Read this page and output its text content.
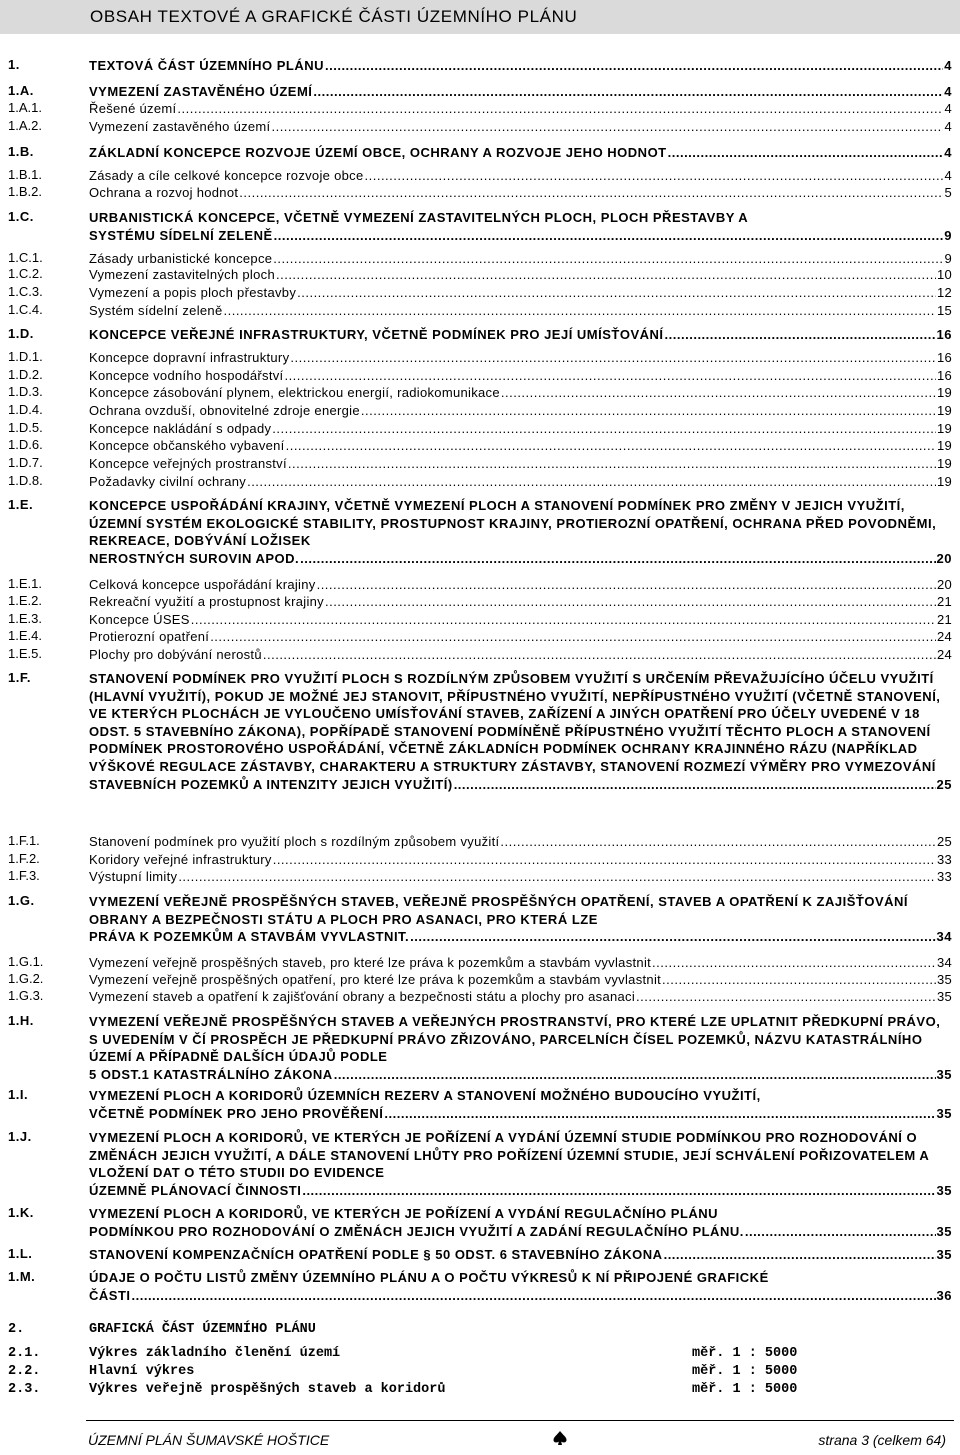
OBSAH TEXTOVÉ A GRAFICKÉ ČÁSTI ÚZEMNÍHO PLÁNU
1.	TEXTOVÁ ČÁST ÚZEMNÍHO PLÁNU .....	4
1.A.	VYMEZENÍ ZASTAVĚNÉHO ÚZEMÍ .....	4
1.A.1.	Řešené území .....	4
1.A.2.	Vymezení zastavěného území .....	4
1.B.	ZÁKLADNÍ KONCEPCE ROZVOJE ÚZEMÍ OBCE, OCHRANY A ROZVOJE JEHO HODNOT .....	4
1.B.1.	Zásady a cíle celkové koncepce rozvoje obce .....	4
1.B.2.	Ochrana a rozvoj hodnot .....	5
1.C.	URBANISTICKÁ KONCEPCE, VČETNĚ VYMEZENÍ ZASTAVITELNÝCH PLOCH, PLOCH PŘESTAVBY A
SYSTÉMU SÍDELNÍ ZELENĚ .....	9
1.C.1.	Zásady urbanistické koncepce .....	9
1.C.2.	Vymezení zastavitelných ploch .....	10
1.C.3.	Vymezení a popis ploch přestavby .....	12
1.C.4.	Systém sídelní zeleně .....	15
1.D.	KONCEPCE VEŘEJNÉ INFRASTRUKTURY, VČETNĚ PODMÍNEK PRO JEJÍ UMÍSŤOVÁNÍ .....	16
1.D.1.	Koncepce dopravní infrastruktury .....	16
1.D.2.	Koncepce vodního hospodářství .....	16
1.D.3.	Koncepce zásobování plynem, elektrickou energií, radiokomunikace .....	19
1.D.4.	Ochrana ovzduší, obnovitelné zdroje energie .....	19
1.D.5.	Koncepce nakládání s odpady .....	19
1.D.6.	Koncepce občanského vybavení .....	19
1.D.7.	Koncepce veřejných prostranství .....	19
1.D.8.	Požadavky civilní ochrany .....	19
1.E.	KONCEPCE USPOŘÁDÁNÍ KRAJINY, VČETNĚ VYMEZENÍ PLOCH A STANOVENÍ PODMÍNEK PRO ZMĚNY V JEJICH VYUŽITÍ, ÚZEMNÍ SYSTÉM EKOLOGICKÉ STABILITY, PROSTUPNOST KRAJINY, PROTIEROZNÍ OPATŘENÍ, OCHRANA PŘED POVODNĚMI, REKREACE, DOBÝVÁNÍ LOŽISEK
NEROSTNÝCH SUROVIN APOD. .....	20
1.E.1.	Celková koncepce uspořádání krajiny .....	20
1.E.2.	Rekreační využití a prostupnost krajiny .....	21
1.E.3.	Koncepce ÚSES .....	21
1.E.4.	Protierozní opatření .....	24
1.E.5.	Plochy pro dobývání nerostů .....	24
1.F.	STANOVENÍ PODMÍNEK PRO VYUŽITÍ PLOCH S ROZDÍLNÝM ZPŮSOBEM VYUŽITÍ S URČENÍM PŘEVAŽUJÍCÍHO ÚČELU VYUŽITÍ (HLAVNÍ VYUŽITÍ), POKUD JE MOŽNÉ JEJ STANOVIT, PŘÍPUSTNÉHO VYUŽITÍ, NEPŘÍPUSTNÉHO VYUŽITÍ (VČETNĚ STANOVENÍ, VE KTERÝCH PLOCHÁCH JE VYLOUČENO UMÍSŤOVÁNÍ STAVEB, ZAŘÍZENÍ A JINÝCH OPATŘENÍ PRO ÚČELY UVEDENÉ V 18 ODST. 5 STAVEBNÍHO ZÁKONA), POPŘÍPADĚ STANOVENÍ PODMÍNĚNĚ PŘÍPUSTNÉHO VYUŽITÍ TĚCHTO PLOCH A STANOVENÍ PODMÍNEK PROSTOROVÉHO USPOŘÁDÁNÍ, VČETNĚ ZÁKLADNÍCH PODMÍNEK OCHRANY KRAJINNÉHO RÁZU (NAPŘÍKLAD VÝŠKOVÉ REGULACE ZÁSTAVBY, CHARAKTERU A STRUKTURY ZÁSTAVBY, STANOVENÍ ROZMEZÍ VÝMĚRY PRO VYMEZOVÁNÍ
STAVEBNÍCH POZEMKŮ A INTENZITY JEJICH VYUŽITÍ) .....	25
1.F.1.	Stanovení podmínek pro využití ploch s rozdílným způsobem využití .....	25
1.F.2.	Koridory veřejné infrastruktury .....	33
1.F.3.	Výstupní limity .....	33
1.G.	VYMEZENÍ VEŘEJNĚ PROSPĚŠNÝCH STAVEB, VEŘEJNĚ PROSPĚŠNÝCH OPATŘENÍ, STAVEB A OPATŘENÍ K ZAJIŠŤOVÁNÍ OBRANY A BEZPEČNOSTI STÁTU A PLOCH PRO ASANACI, PRO KTERÁ LZE
PRÁVA K POZEMKŮM A STAVBÁM VYVLASTNIT. .....	34
1.G.1.	Vymezení veřejně prospěšných staveb, pro které lze práva k pozemkům a stavbám vyvlastnit .....	34
1.G.2.	Vymezení veřejně prospěšných opatření, pro které lze práva k pozemkům a stavbám vyvlastnit .....	35
1.G.3.	Vymezení staveb a opatření k zajišťování obrany a bezpečnosti státu a plochy pro asanaci .....	35
1.H.	VYMEZENÍ VEŘEJNĚ PROSPĚŠNÝCH STAVEB A VEŘEJNÝCH PROSTRANSTVÍ, PRO KTERÉ LZE UPLATNIT PŘEDKUPNÍ PRÁVO, S UVEDENÍM V ČÍ PROSPĚCH JE PŘEDKUPNÍ PRÁVO ZŘIZOVÁNO, PARCELNÍCH ČÍSEL POZEMKŮ, NÁZVU KATASTRÁLNÍHO ÚZEMÍ A PŘÍPADNĚ DALŠÍCH ÚDAJŮ PODLE
5 ODST.1 KATASTRÁLNÍHO ZÁKONA .....	35
1.I.	VYMEZENÍ PLOCH A KORIDORŮ ÚZEMNÍCH REZERV A STANOVENÍ MOŽNÉHO BUDOUCÍHO VYUŽITÍ,
VČETNĚ PODMÍNEK PRO JEHO PROVĚŘENÍ .....	35
1.J.	VYMEZENÍ PLOCH A KORIDORŮ, VE KTERÝCH JE POŘÍZENÍ A VYDÁNÍ ÚZEMNÍ STUDIE PODMÍNKOU PRO ROZHODOVÁNÍ O ZMĚNÁCH JEJICH VYUŽITÍ, A DÁLE STANOVENÍ LHŮTY PRO POŘÍZENÍ ÚZEMNÍ STUDIE, JEJÍ SCHVÁLENÍ POŘIZOVATELEM A VLOŽENÍ DAT O TÉTO STUDII DO EVIDENCE
ÚZEMNĚ PLÁNOVACÍ ČINNOSTI .....	35
1.K.	VYMEZENÍ PLOCH A KORIDORŮ, VE KTERÝCH JE POŘÍZENÍ A VYDÁNÍ REGULAČNÍHO PLÁNU
PODMÍNKOU PRO ROZHODOVÁNÍ O ZMĚNÁCH JEJICH VYUŽITÍ A ZADÁNÍ REGULAČNÍHO PLÁNU. .....	35
1.L.	STANOVENÍ KOMPENZAČNÍCH OPATŘENÍ PODLE § 50 ODST. 6 STAVEBNÍHO ZÁKONA .....	35
1.M.	ÚDAJE O POČTU LISTŮ ZMĚNY ÚZEMNÍHO PLÁNU A O POČTU VÝKRESŮ K NÍ PŘIPOJENÉ GRAFICKÉ
ČÁSTI .....	36
2.	GRAFICKÁ ČÁST ÚZEMNÍHO PLÁNU
2.1.	Výkres základního členění území	měř. 1 : 5000
2.2.	Hlavní výkres	měř. 1 : 5000
2.3.	Výkres veřejně prospěšných staveb a koridorů	měř. 1 : 5000
ÚZEMNÍ PLÁN ŠUMAVSKÉ HOŠTICE	strana 3 (celkem 64)
